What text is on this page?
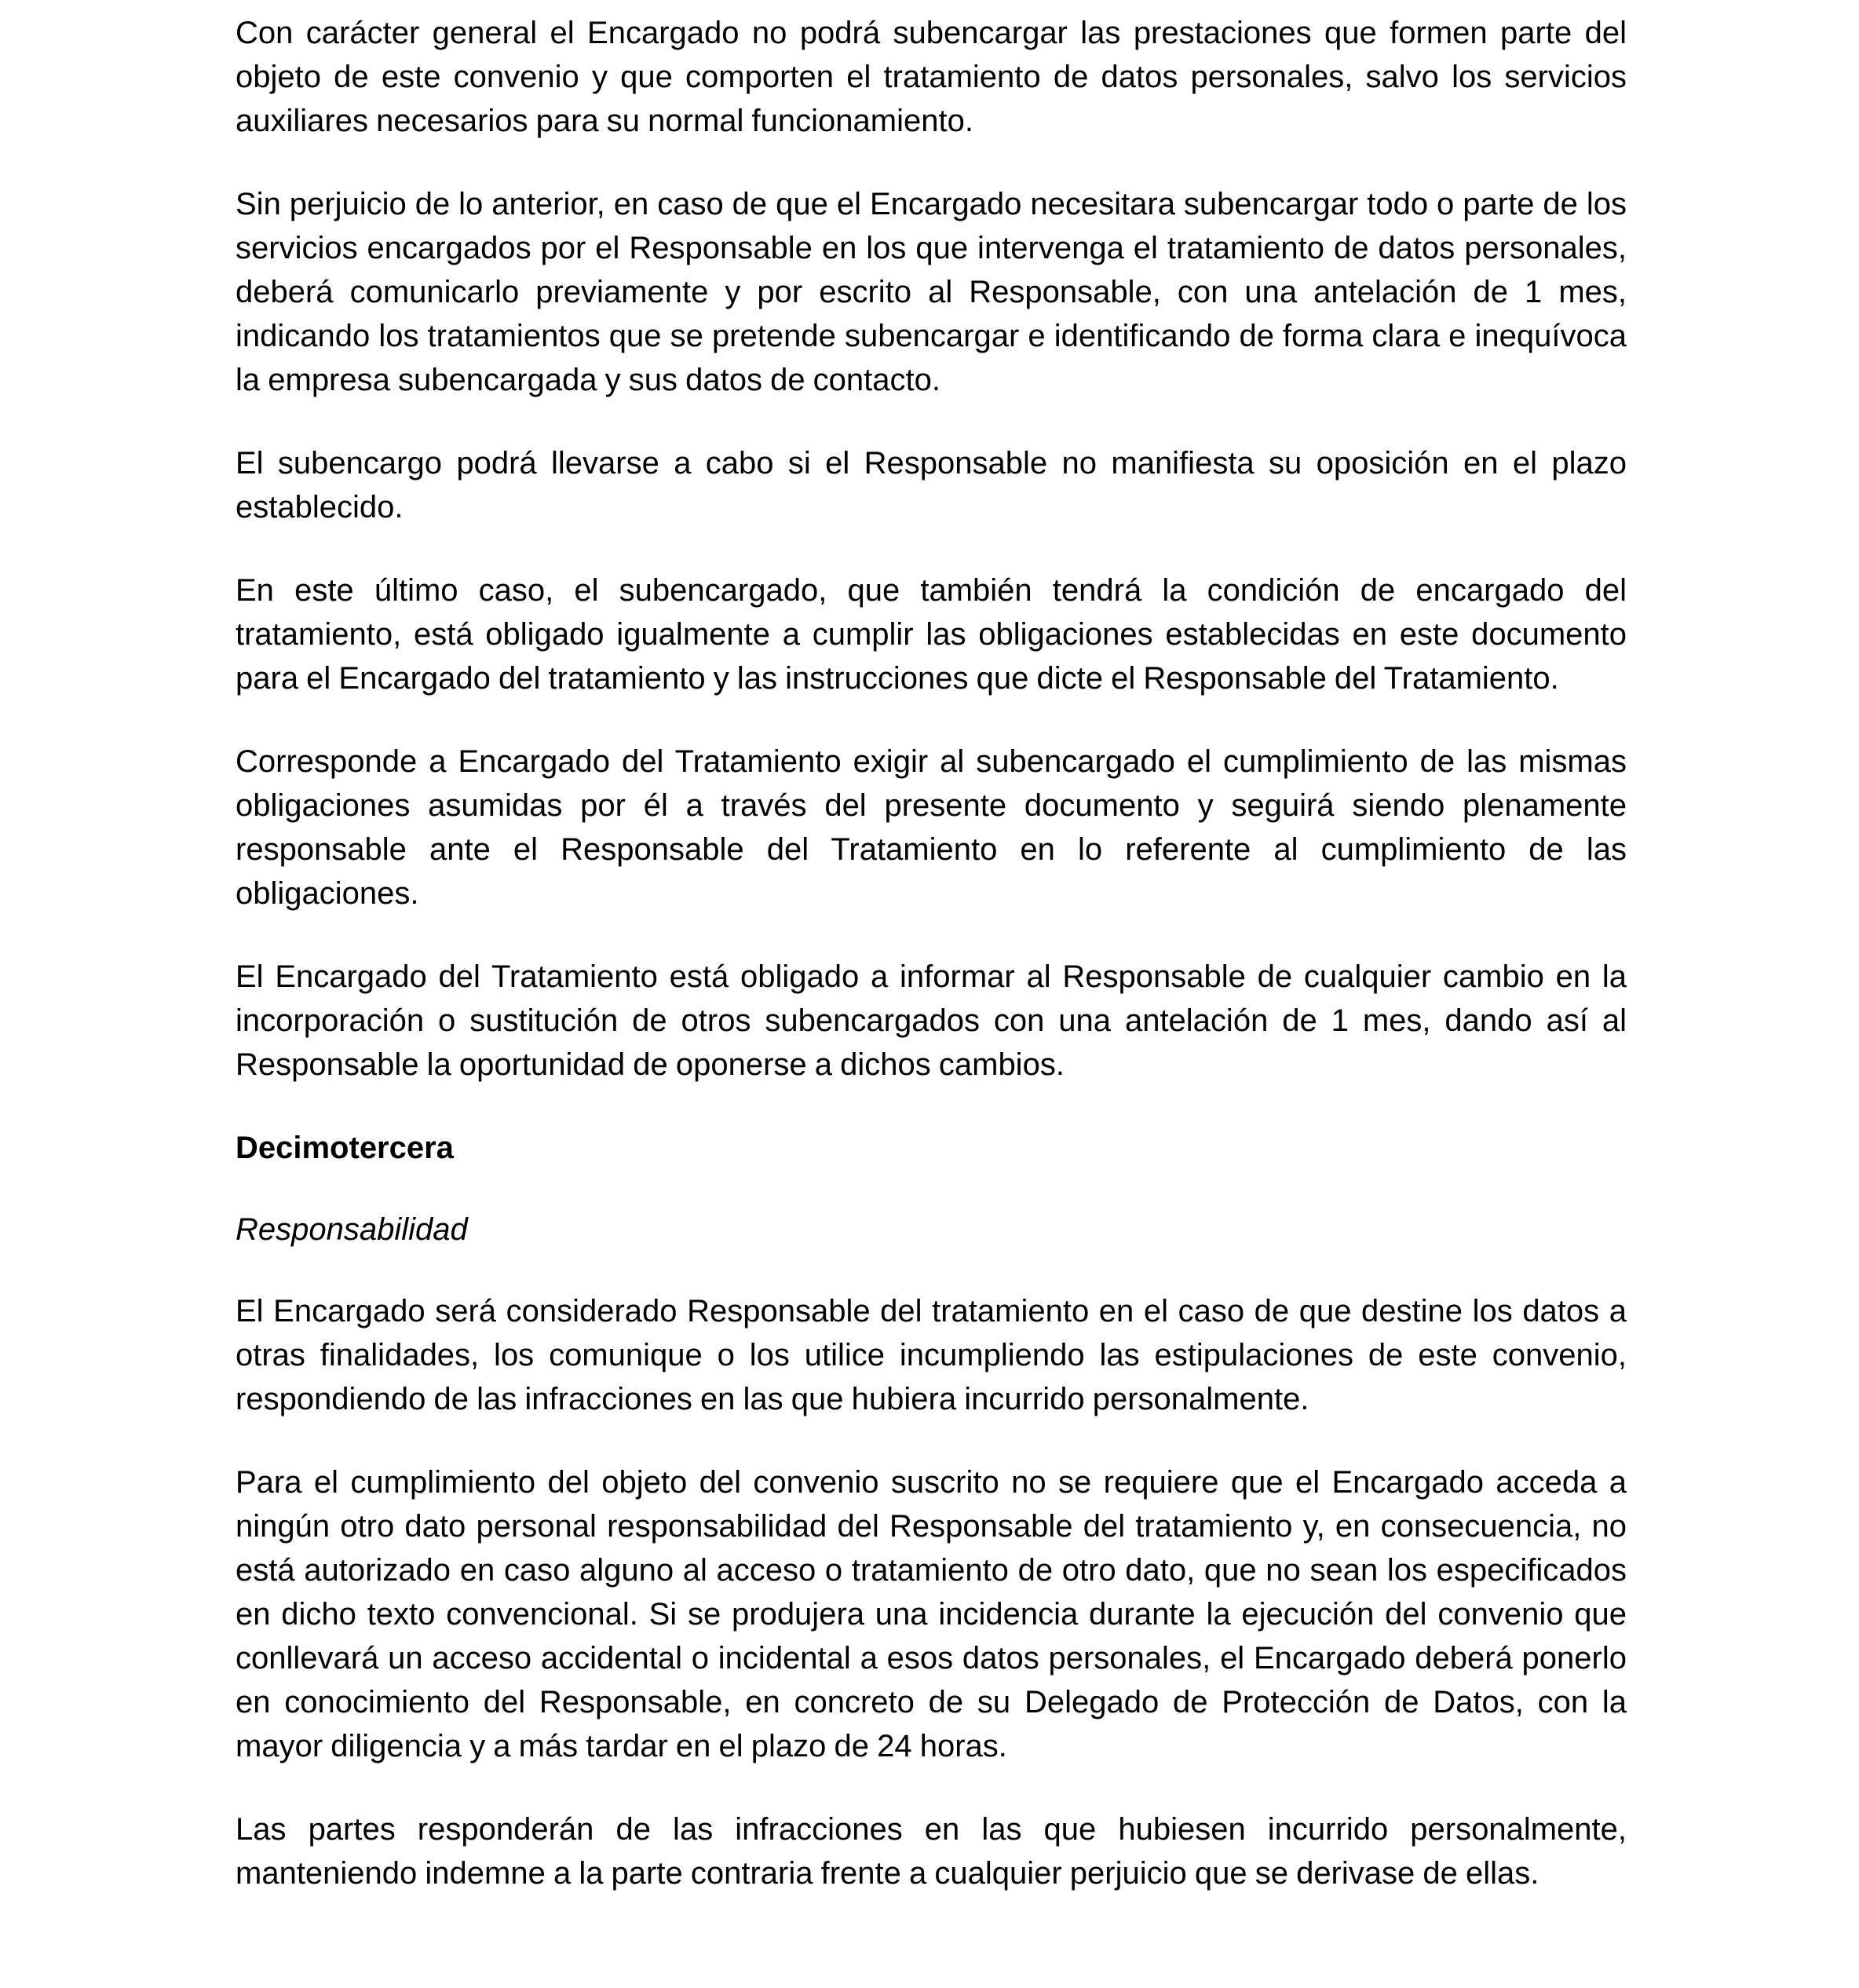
Con carácter general el Encargado no podrá subencargar las prestaciones que formen parte del objeto de este convenio y que comporten el tratamiento de datos personales, salvo los servicios auxiliares necesarios para su normal funcionamiento.

Sin perjuicio de lo anterior, en caso de que el Encargado necesitara subencargar todo o parte de los servicios encargados por el Responsable en los que intervenga el tratamiento de datos personales, deberá comunicarlo previamente y por escrito al Responsable, con una antelación de 1 mes, indicando los tratamientos que se pretende subencargar e identificando de forma clara e inequívoca la empresa subencargada y sus datos de contacto.

El subencargo podrá llevarse a cabo si el Responsable no manifiesta su oposición en el plazo establecido.

En este último caso, el subencargado, que también tendrá la condición de encargado del tratamiento, está obligado igualmente a cumplir las obligaciones establecidas en este documento para el Encargado del tratamiento y las instrucciones que dicte el Responsable del Tratamiento.

Corresponde a Encargado del Tratamiento exigir al subencargado el cumplimiento de las mismas obligaciones asumidas por él a través del presente documento y seguirá siendo plenamente responsable ante el Responsable del Tratamiento en lo referente al cumplimiento de las obligaciones.

El Encargado del Tratamiento está obligado a informar al Responsable de cualquier cambio en la incorporación o sustitución de otros subencargados con una antelación de 1 mes, dando así al Responsable la oportunidad de oponerse a dichos cambios.

Decimotercera

Responsabilidad

El Encargado será considerado Responsable del tratamiento en el caso de que destine los datos a otras finalidades, los comunique o los utilice incumpliendo las estipulaciones de este convenio, respondiendo de las infracciones en las que hubiera incurrido personalmente.

Para el cumplimiento del objeto del convenio suscrito no se requiere que el Encargado acceda a ningún otro dato personal responsabilidad del Responsable del tratamiento y, en consecuencia, no está autorizado en caso alguno al acceso o tratamiento de otro dato, que no sean los especificados en dicho texto convencional. Si se produjera una incidencia durante la ejecución del convenio que conllevará un acceso accidental o incidental a esos datos personales, el Encargado deberá ponerlo en conocimiento del Responsable, en concreto de su Delegado de Protección de Datos, con la mayor diligencia y a más tardar en el plazo de 24 horas.

Las partes responderán de las infracciones en las que hubiesen incurrido personalmente, manteniendo indemne a la parte contraria frente a cualquier perjuicio que se derivase de ellas.
